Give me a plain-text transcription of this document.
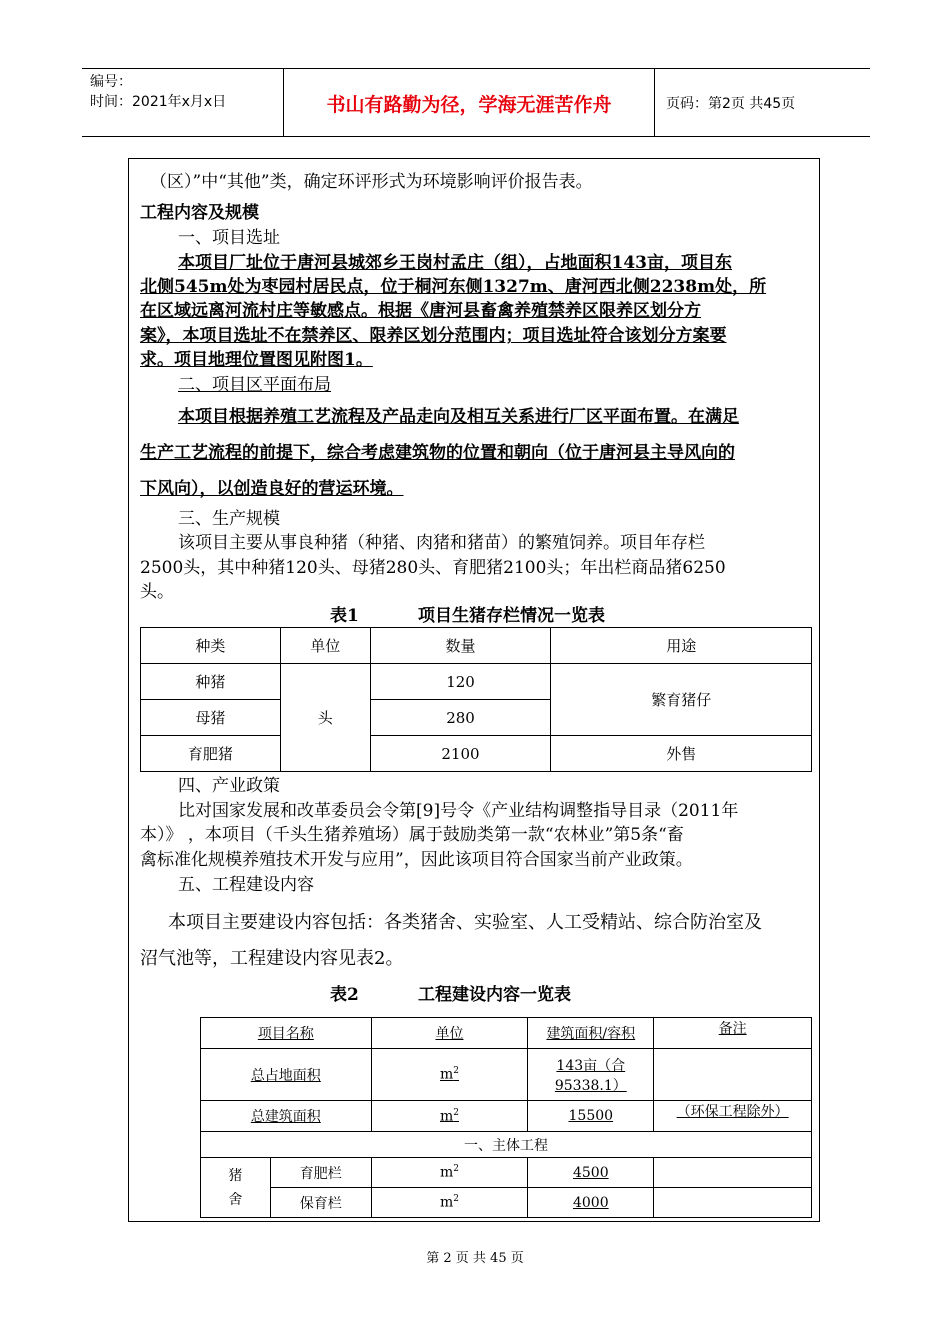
编号：
时间：2021年x月x日	书山有路勤为径，学海无涯苦作舟	页码：第2页 共45页
（区）”中“其他”类，确定环评形式为环境影响评价报告表。
工程内容及规模
一、项目选址
本项目厂址位于唐河县城郊乡王岗村孟庄（组），占地面积143亩，项目东
北侧545m处为枣园村居民点，位于桐河东侧1327m、唐河西北侧2238m处，所
在区域远离河流村庄等敏感点。根据《唐河县畜禽养殖禁养区限养区划分方
案》，本项目选址不在禁养区、限养区划分范围内；项目选址符合该划分方案要
求。项目地理位置图见附图1。
二、项目区平面布局
本项目根据养殖工艺流程及产品走向及相互关系进行厂区平面布置。在满足
生产工艺流程的前提下，综合考虑建筑物的位置和朝向（位于唐河县主导风向的
下风向），以创造良好的营运环境。
三、生产规模
该项目主要从事良种猪（种猪、肉猪和猪苗）的繁殖饲养。项目年存栏
2500头，其中种猪120头、母猪280头、育肥猪2100头；年出栏商品猪6250
头。
表1          项目生猪存栏情况一览表
种类	单位	数量	用途
种猪	头	120	繁育猪仔
母猪		280	
育肥猪		2100	外售
四、产业政策
比对国家发展和改革委员会令第[9]号令《产业结构调整指导目录（2011年
本）》 ，本项目（千头生猪养殖场）属于鼓励类第一款“农林业”第5条“畜
禽标准化规模养殖技术开发与应用”，因此该项目符合国家当前产业政策。
五、工程建设内容
本项目主要建设内容包括：各类猪舍、实验室、人工受精站、综合防治室及
沼气池等，工程建设内容见表2。
表2          工程建设内容一览表
项目名称		单位	建筑面积/容积	备注
总占地面积		$m^2$	143亩（合95338.1）	
总建筑面积		$m^2$	15500	（环保工程除外）
一、主体工程				
猪舍	育肥栏	$m^2$	4500	
	保育栏	$m^2$	4000	
第 2 页 共 45 页
